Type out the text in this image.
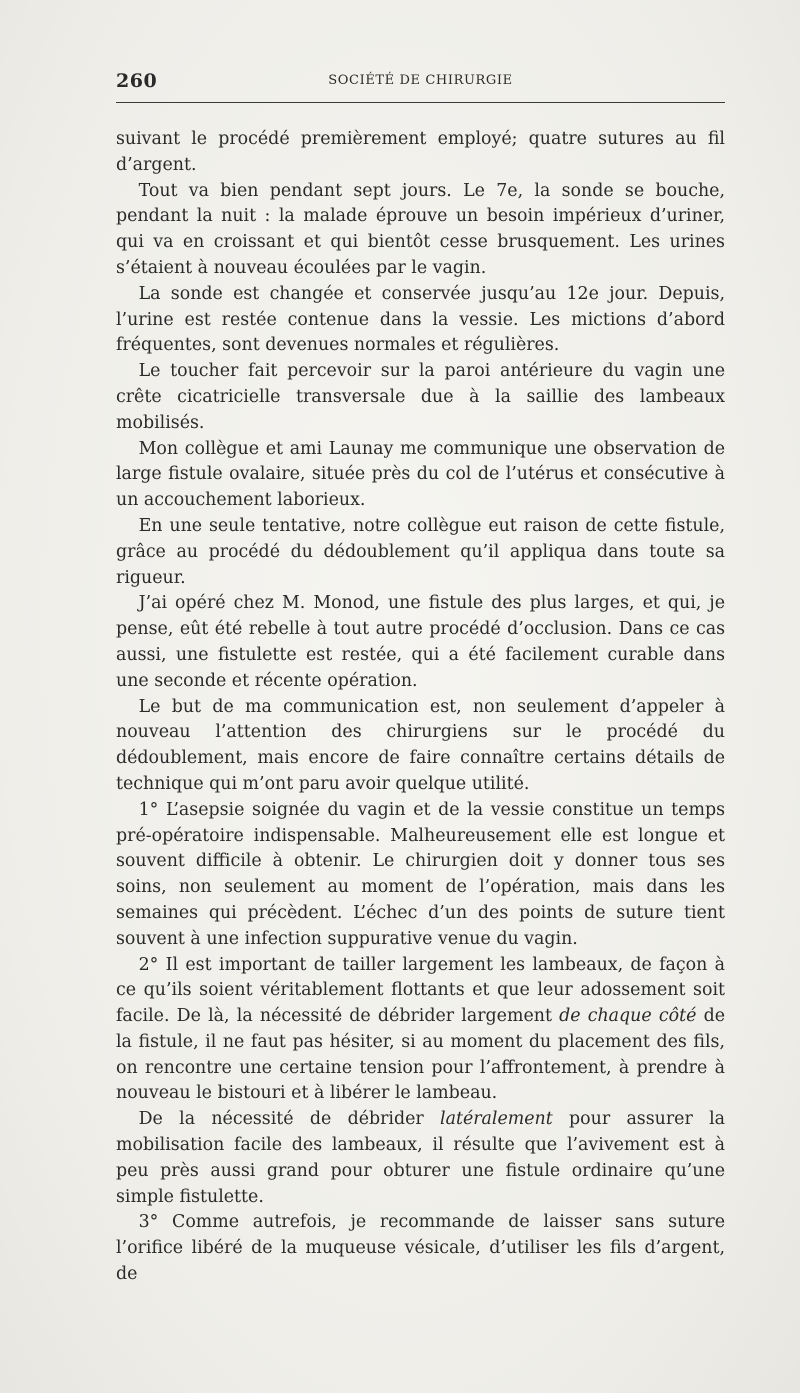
260	SOCIÉTÉ DE CHIRURGIE

suivant le procédé premièrement employé; quatre sutures au fil d’argent.

Tout va bien pendant sept jours. Le 7e, la sonde se bouche, pendant la nuit : la malade éprouve un besoin impérieux d’uriner, qui va en croissant et qui bientôt cesse brusquement. Les urines s’étaient à nouveau écoulées par le vagin.

La sonde est changée et conservée jusqu’au 12e jour. Depuis, l’urine est restée contenue dans la vessie. Les mictions d’abord fréquentes, sont devenues normales et régulières.

Le toucher fait percevoir sur la paroi antérieure du vagin une crête cicatricielle transversale due à la saillie des lambeaux mobilisés.

Mon collègue et ami Launay me communique une observation de large fistule ovalaire, située près du col de l’utérus et consécutive à un accouchement laborieux.

En une seule tentative, notre collègue eut raison de cette fistule, grâce au procédé du dédoublement qu’il appliqua dans toute sa rigueur.

J’ai opéré chez M. Monod, une fistule des plus larges, et qui, je pense, eût été rebelle à tout autre procédé d’occlusion. Dans ce cas aussi, une fistulette est restée, qui a été facilement curable dans une seconde et récente opération.

Le but de ma communication est, non seulement d’appeler à nouveau l’attention des chirurgiens sur le procédé du dédoublement, mais encore de faire connaître certains détails de technique qui m’ont paru avoir quelque utilité.

1° L’asepsie soignée du vagin et de la vessie constitue un temps pré-opératoire indispensable. Malheureusement elle est longue et souvent difficile à obtenir. Le chirurgien doit y donner tous ses soins, non seulement au moment de l’opération, mais dans les semaines qui précèdent. L’échec d’un des points de suture tient souvent à une infection suppurative venue du vagin.

2° Il est important de tailler largement les lambeaux, de façon à ce qu’ils soient véritablement flottants et que leur adossement soit facile. De là, la nécessité de débrider largement de chaque côté de la fistule, il ne faut pas hésiter, si au moment du placement des fils, on rencontre une certaine tension pour l’affrontement, à prendre à nouveau le bistouri et à libérer le lambeau.

De la nécessité de débrider latéralement pour assurer la mobilisation facile des lambeaux, il résulte que l’avivement est à peu près aussi grand pour obturer une fistule ordinaire qu’une simple fistulette.

3° Comme autrefois, je recommande de laisser sans suture l’orifice libéré de la muqueuse vésicale, d’utiliser les fils d’argent, de
